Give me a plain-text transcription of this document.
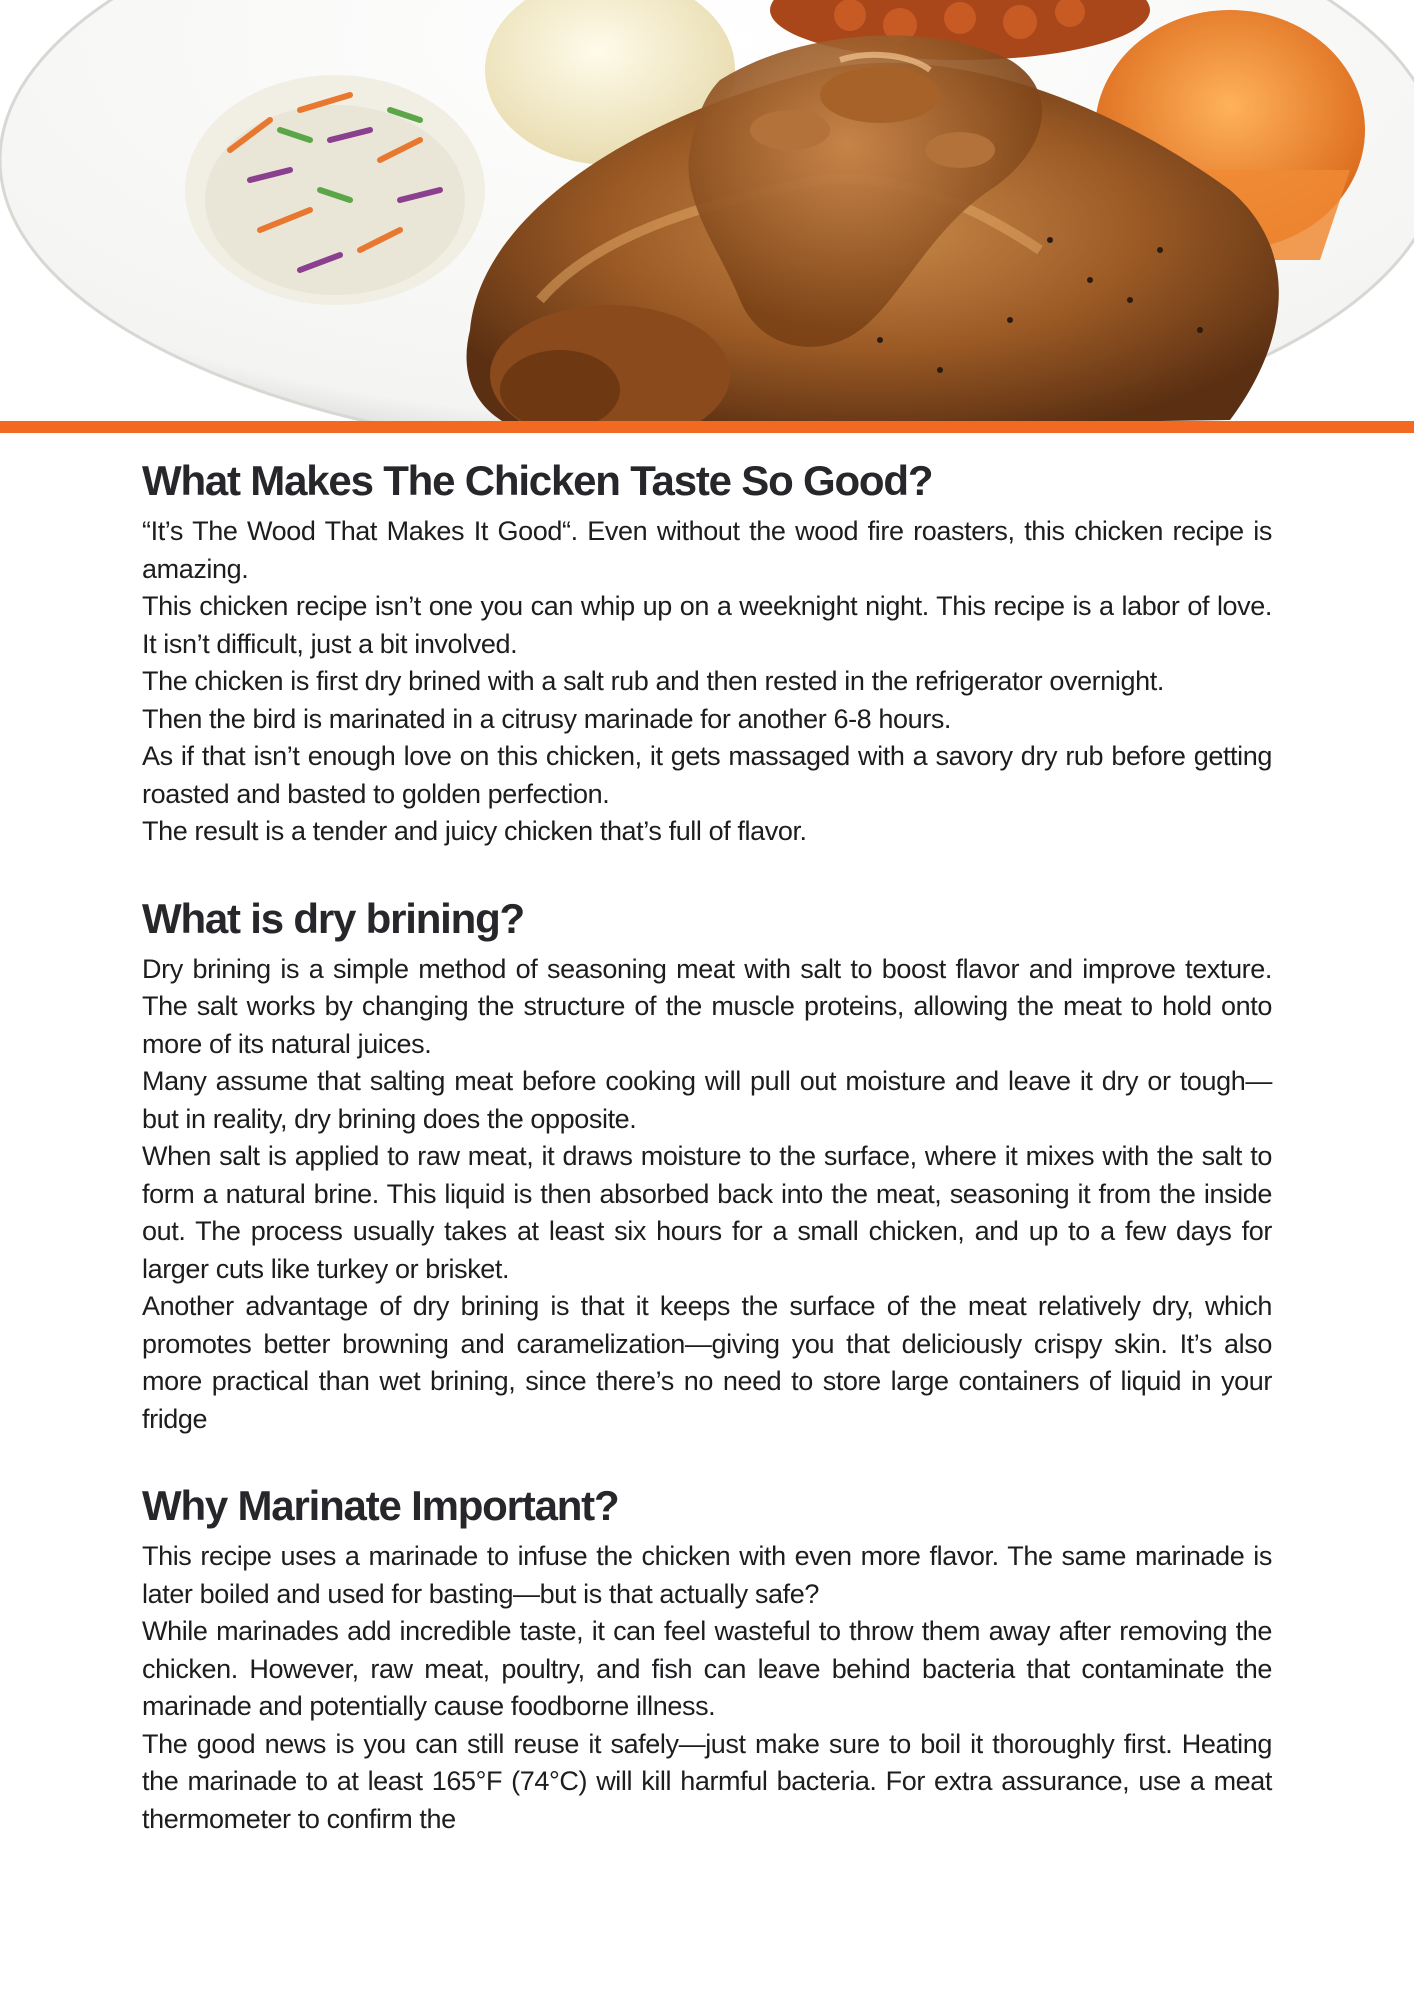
What Makes The Chicken Taste So Good?

“It’s The Wood That Makes It Good“. Even without the wood fire roasters, this chicken recipe is amazing.

This chicken recipe isn’t one you can whip up on a weeknight night. This recipe is a labor of love. It isn’t difficult, just a bit involved.

The chicken is first dry brined with a salt rub and then rested in the refrigerator overnight.

Then the bird is marinated in a citrusy marinade for another 6-8 hours.

As if that isn’t enough love on this chicken, it gets massaged with a savory dry rub before getting roasted and basted to golden perfection.

The result is a tender and juicy chicken that’s full of flavor.

What is dry brining?

Dry brining is a simple method of seasoning meat with salt to boost flavor and improve texture. The salt works by changing the structure of the muscle proteins, allowing the meat to hold onto more of its natural juices.

Many assume that salting meat before cooking will pull out moisture and leave it dry or tough—but in reality, dry brining does the opposite.

When salt is applied to raw meat, it draws moisture to the surface, where it mixes with the salt to form a natural brine. This liquid is then absorbed back into the meat, seasoning it from the inside out. The process usually takes at least six hours for a small chicken, and up to a few days for larger cuts like turkey or brisket.

Another advantage of dry brining is that it keeps the surface of the meat relatively dry, which promotes better browning and caramelization—giving you that deliciously crispy skin. It’s also more practical than wet brining, since there’s no need to store large containers of liquid in your fridge

Why Marinate Important?

This recipe uses a marinade to infuse the chicken with even more flavor. The same marinade is later boiled and used for basting—but is that actually safe?

While marinades add incredible taste, it can feel wasteful to throw them away after removing the chicken. However, raw meat, poultry, and fish can leave behind bacteria that contaminate the marinade and potentially cause foodborne illness.

The good news is you can still reuse it safely—just make sure to boil it thoroughly first. Heating the marinade to at least 165°F (74°C) will kill harmful bacteria. For extra assurance, use a meat thermometer to confirm the
